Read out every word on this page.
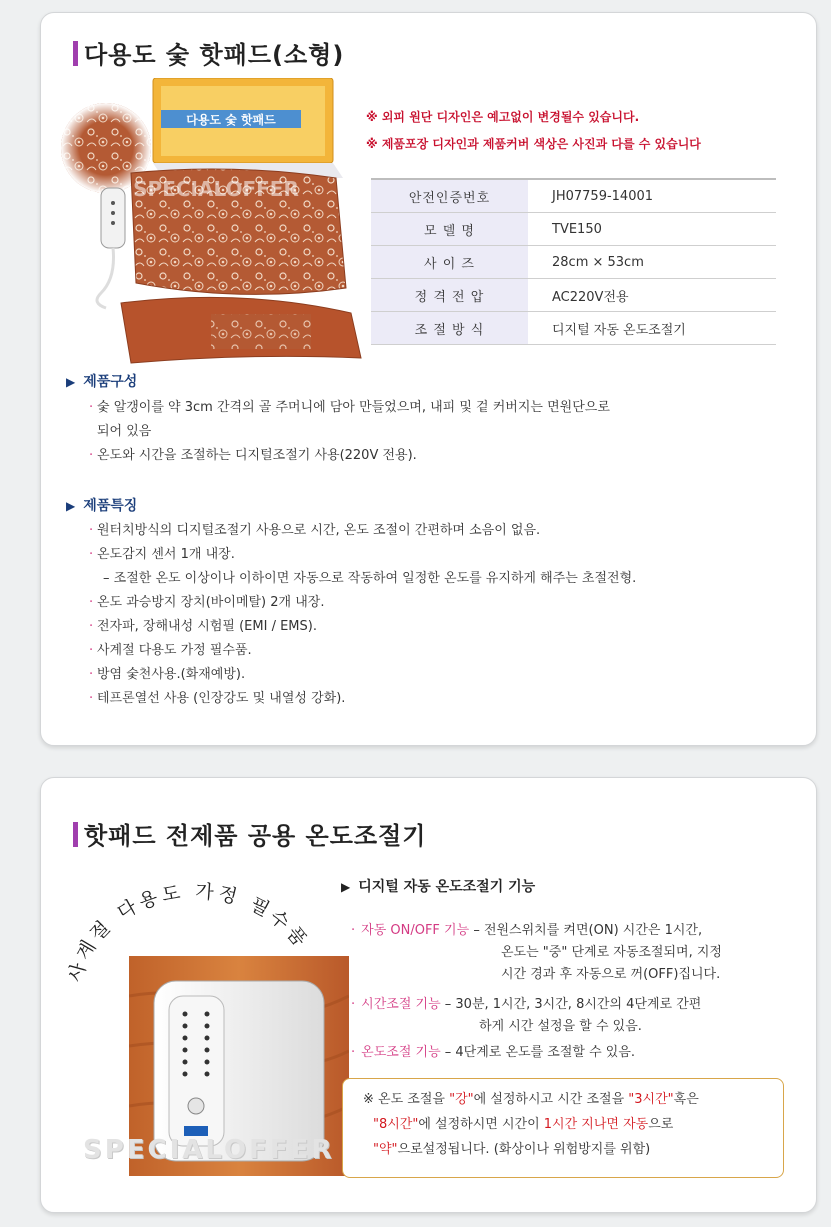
다용도 숯 핫패드(소형)
다용도 숯 핫패드
SPECIALOFFER
※ 외피 원단 디자인은 예고없이 변경될수 있습니다.
※ 제품포장 디자인과 제품커버 색상은 사진과 다를 수 있습니다
안전인증번호	JH07759-14001
모 델 명	TVE150
사 이 즈	28cm × 53cm
정 격 전 압	AC220V전용
조 절 방 식	디지털 자동 온도조절기
▶ 제품구성
· 숯 알갱이를 약 3cm 간격의 골 주머니에 담아 만들었으며, 내피 및 겉 커버지는 면원단으로
되어 있음
· 온도와 시간을 조절하는 디지털조절기 사용(220V 전용).
▶ 제품특징
· 원터치방식의 디지털조절기 사용으로 시간, 온도 조절이 간편하며 소음이 없음.
· 온도감지 센서 1개 내장.
– 조절한 온도 이상이나 이하이면 자동으로 작동하여 일정한 온도를 유지하게 해주는 초절전형.
· 온도 과승방지 장치(바이메탈) 2개 내장.
· 전자파, 장해내성 시험필 (EMI / EMS).
· 사계절 다용도 가정 필수품.
· 방염 숯천사용.(화재예방).
· 테프론열선 사용 (인장강도 및 내열성 강화).
핫패드 전제품 공용 온도조절기
사계절 다용도 가정 필수품
SPECIALOFFER
▶ 디지털 자동 온도조절기 기능
· 자동 ON/OFF 기능 – 전원스위치를 켜면(ON) 시간은 1시간,
온도는 "중" 단계로 자동조절되며, 지정
시간 경과 후 자동으로 꺼(OFF)집니다.
· 시간조절 기능 – 30분, 1시간, 3시간, 8시간의 4단계로 간편
하게 시간 설정을 할 수 있음.
· 온도조절 기능 – 4단계로 온도를 조절할 수 있음.
※ 온도 조절을 "강"에 설정하시고 시간 조절을 "3시간"혹은
"8시간"에 설정하시면 시간이 1시간 지나면 자동으로
"약"으로설정됩니다. (화상이나 위험방지를 위함)
